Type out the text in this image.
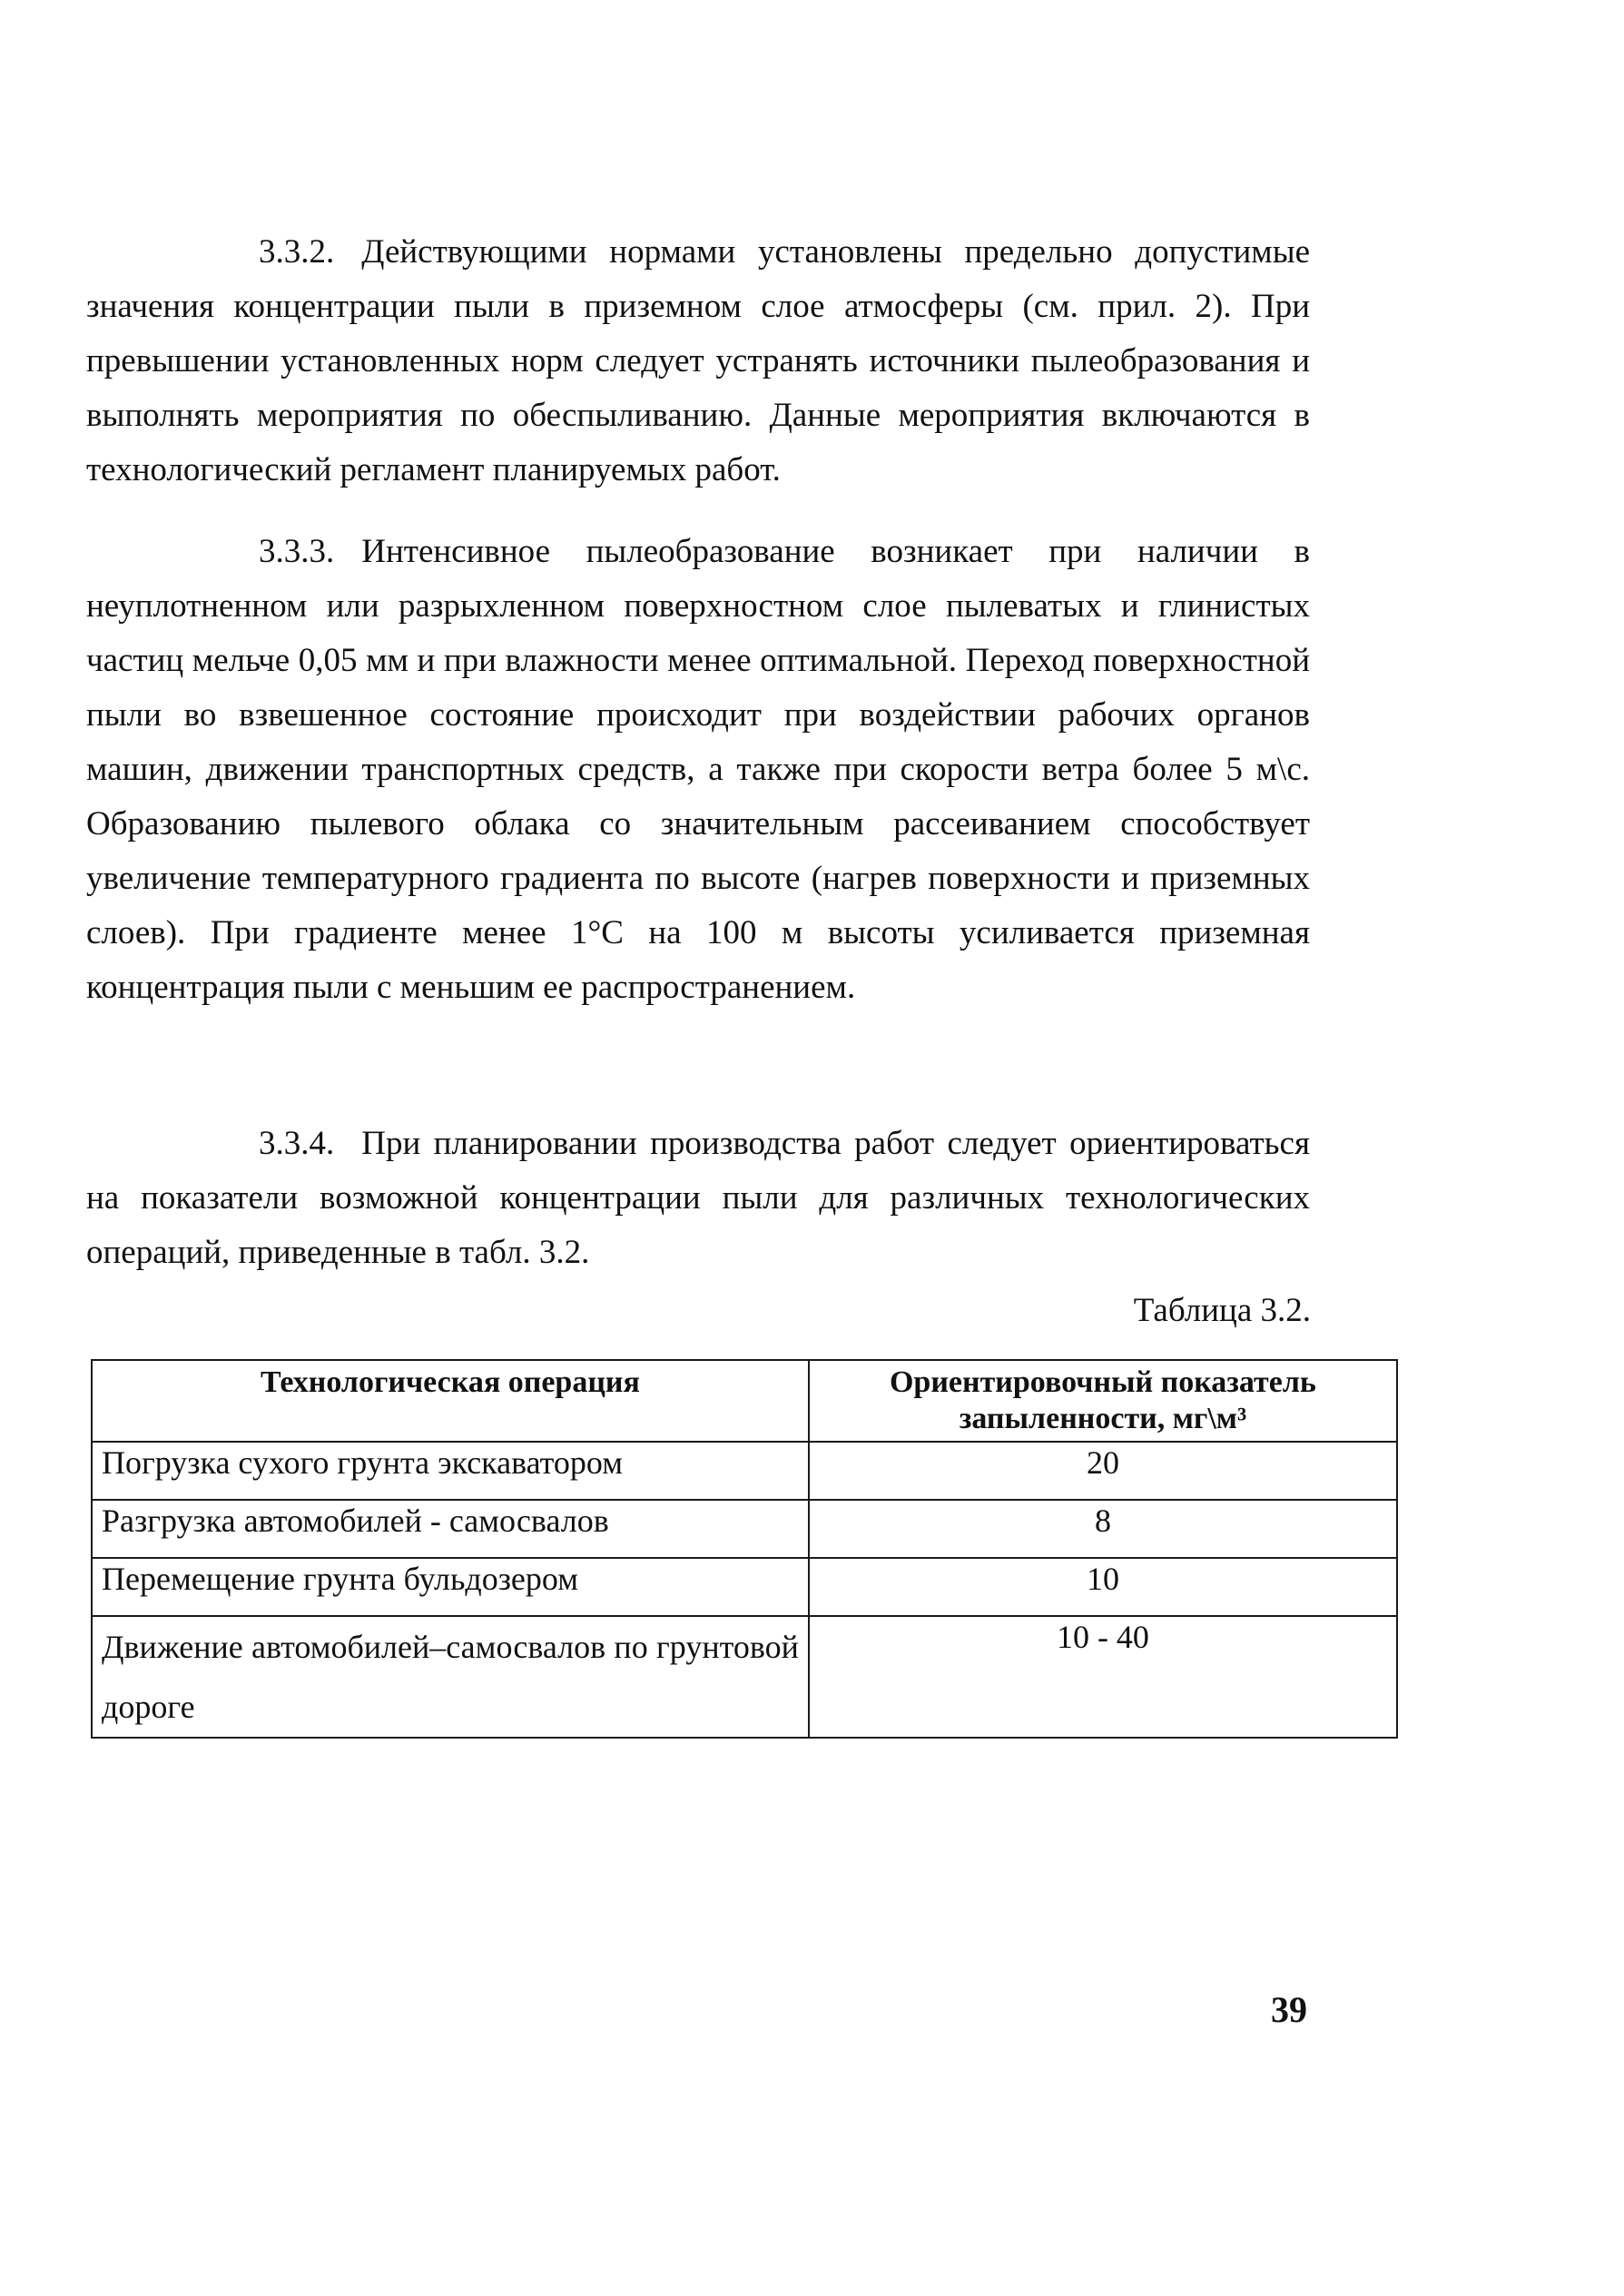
3.3.2. Действующими нормами установлены предельно допустимые значения концентрации пыли в приземном слое атмосферы (см. прил. 2). При превышении установленных норм следует устранять источники пылеобразования и выполнять мероприятия по обеспыливанию. Данные мероприятия включаются в технологический регламент планируемых работ.

3.3.3. Интенсивное пылеобразование возникает при наличии в неуплотненном или разрыхленном поверхностном слое пылеватых и глинистых частиц мельче 0,05 мм и при влажности менее оптимальной. Переход поверхностной пыли во взвешенное состояние происходит при воздействии рабочих органов машин, движении транспортных средств, а также при скорости ветра более 5 м\с. Образованию пылевого облака со значительным рассеиванием способствует увеличение температурного градиента по высоте (нагрев поверхности и приземных слоев). При градиенте менее 1°С на 100 м высоты усиливается приземная концентрация пыли с меньшим ее распространением.

3.3.4. При планировании производства работ следует ориентироваться на показатели возможной концентрации пыли для различных технологических операций, приведенные в табл. 3.2.

Таблица 3.2.
Технологическая операция	Ориентировочный показатель запыленности, мг\м³
Погрузка сухого грунта экскаватором	20
Разгрузка автомобилей - самосвалов	8
Перемещение грунта бульдозером	10
Движение автомобилей–самосвалов по грунтовой дороге	10 - 40
39
